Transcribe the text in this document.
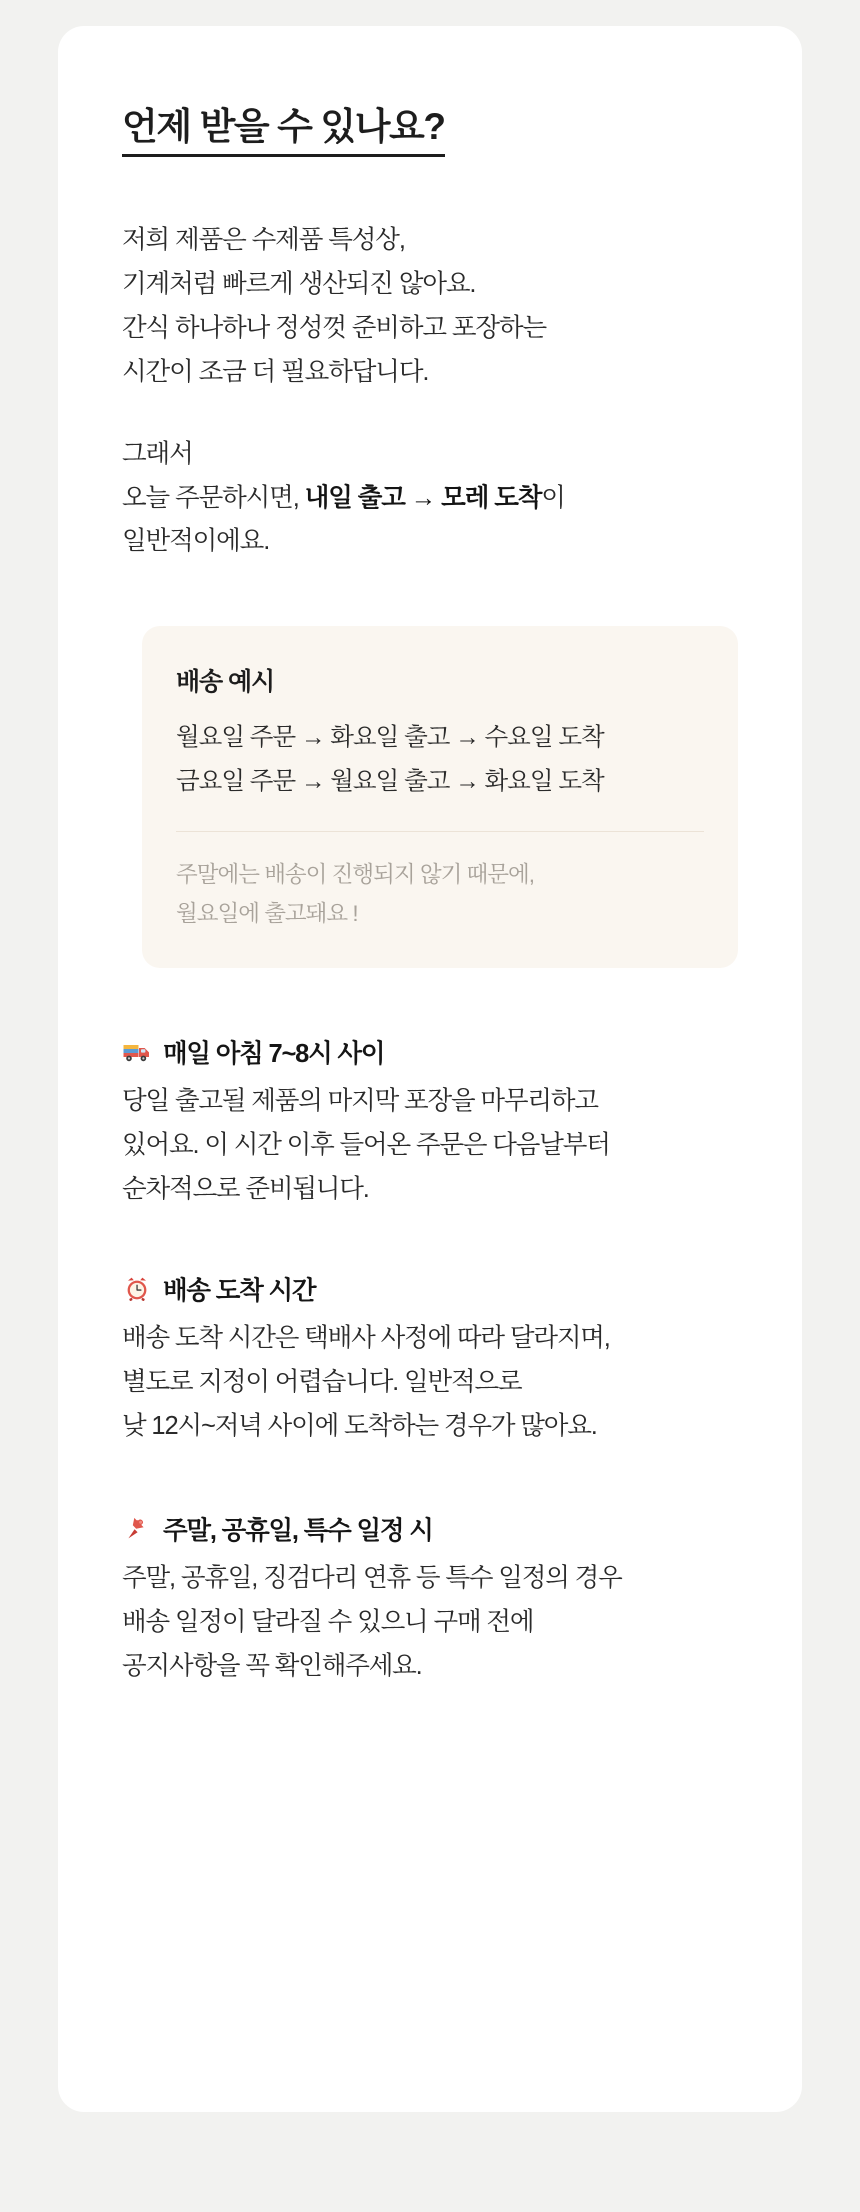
언제 받을 수 있나요?

저희 제품은 수제품 특성상,
기계처럼 빠르게 생산되진 않아요.
간식 하나하나 정성껏 준비하고 포장하는
시간이 조금 더 필요하답니다.

그래서
오늘 주문하시면, 내일 출고 → 모레 도착이
일반적이에요.

배송 예시
월요일 주문 → 화요일 출고 → 수요일 도착
금요일 주문 → 월요일 출고 → 화요일 도착
주말에는 배송이 진행되지 않기 때문에,
월요일에 출고돼요 !
매일 아침 7~8시 사이
당일 출고될 제품의 마지막 포장을 마무리하고
있어요. 이 시간 이후 들어온 주문은 다음날부터
순차적으로 준비됩니다.
배송 도착 시간
배송 도착 시간은 택배사 사정에 따라 달라지며,
별도로 지정이 어렵습니다. 일반적으로
낮 12시~저녁 사이에 도착하는 경우가 많아요.
주말, 공휴일, 특수 일정 시
주말, 공휴일, 징검다리 연휴 등 특수 일정의 경우
배송 일정이 달라질 수 있으니 구매 전에
공지사항을 꼭 확인해주세요.
